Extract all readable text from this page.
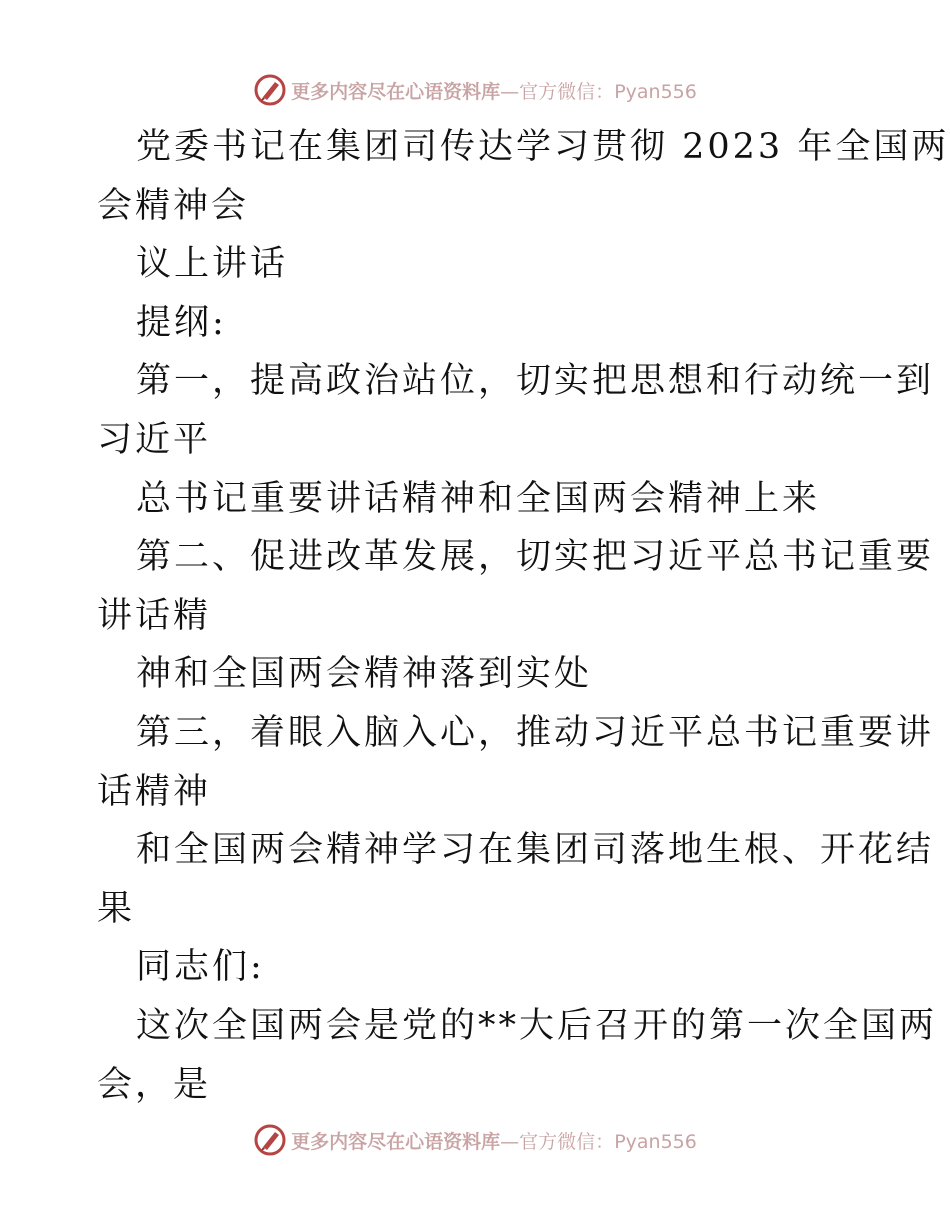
更多内容尽在心语资料库—官方微信：Pyan556
党委书记在集团司传达学习贯彻 2023 年全国两
会精神会
议上讲话
提纲:
第一，提高政治站位，切实把思想和行动统一到
习近平
总书记重要讲话精神和全国两会精神上来
第二、促进改革发展，切实把习近平总书记重要
讲话精
神和全国两会精神落到实处
第三，着眼入脑入心，推动习近平总书记重要讲
话精神
和全国两会精神学习在集团司落地生根、开花结
果
同志们:
这次全国两会是党的**大后召开的第一次全国两
会，是
更多内容尽在心语资料库—官方微信：Pyan556
